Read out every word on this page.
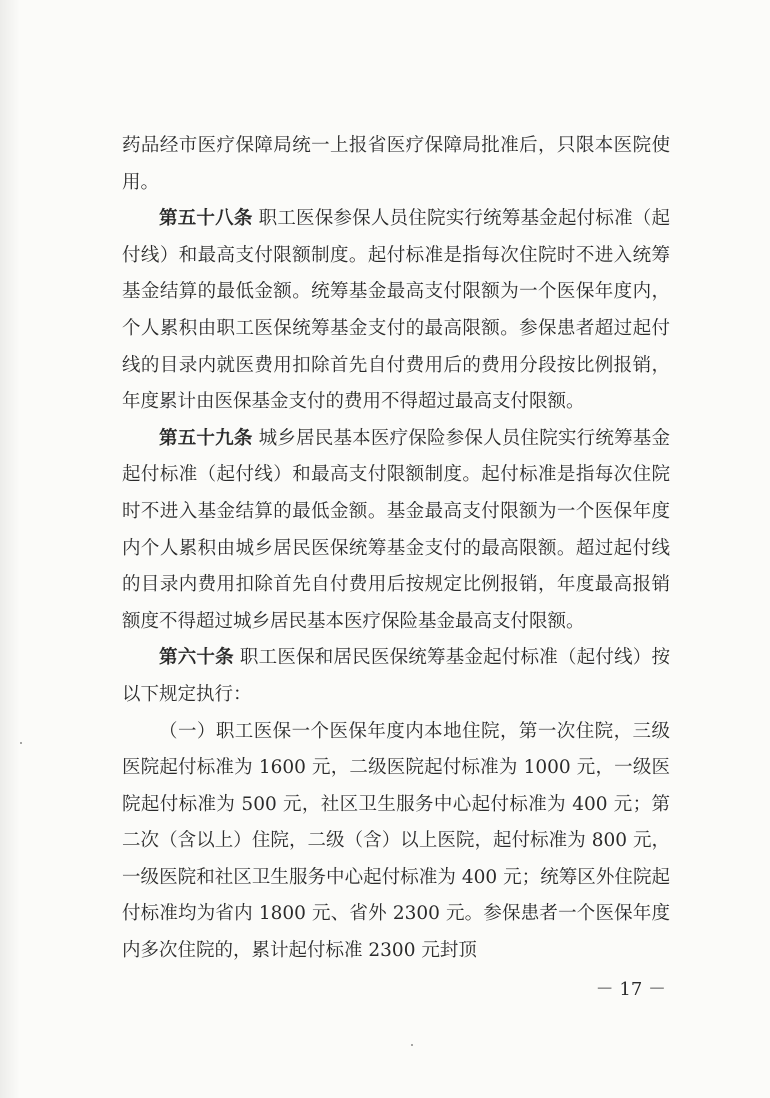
药品经市医疗保障局统一上报省医疗保障局批准后，只限本医院使用。

第五十八条 职工医保参保人员住院实行统筹基金起付标准（起付线）和最高支付限额制度。起付标准是指每次住院时不进入统筹基金结算的最低金额。统筹基金最高支付限额为一个医保年度内，个人累积由职工医保统筹基金支付的最高限额。参保患者超过起付线的目录内就医费用扣除首先自付费用后的费用分段按比例报销，年度累计由医保基金支付的费用不得超过最高支付限额。

第五十九条 城乡居民基本医疗保险参保人员住院实行统筹基金起付标准（起付线）和最高支付限额制度。起付标准是指每次住院时不进入基金结算的最低金额。基金最高支付限额为一个医保年度内个人累积由城乡居民医保统筹基金支付的最高限额。超过起付线的目录内费用扣除首先自付费用后按规定比例报销，年度最高报销额度不得超过城乡居民基本医疗保险基金最高支付限额。

第六十条 职工医保和居民医保统筹基金起付标准（起付线）按以下规定执行：

（一）职工医保一个医保年度内本地住院，第一次住院，三级医院起付标准为 1600 元，二级医院起付标准为 1000 元，一级医院起付标准为 500 元，社区卫生服务中心起付标准为 400 元；第二次（含以上）住院，二级（含）以上医院，起付标准为 800 元，一级医院和社区卫生服务中心起付标准为 400 元；统筹区外住院起付标准均为省内 1800 元、省外 2300 元。参保患者一个医保年度内多次住院的，累计起付标准 2300 元封顶

－ 17 －
